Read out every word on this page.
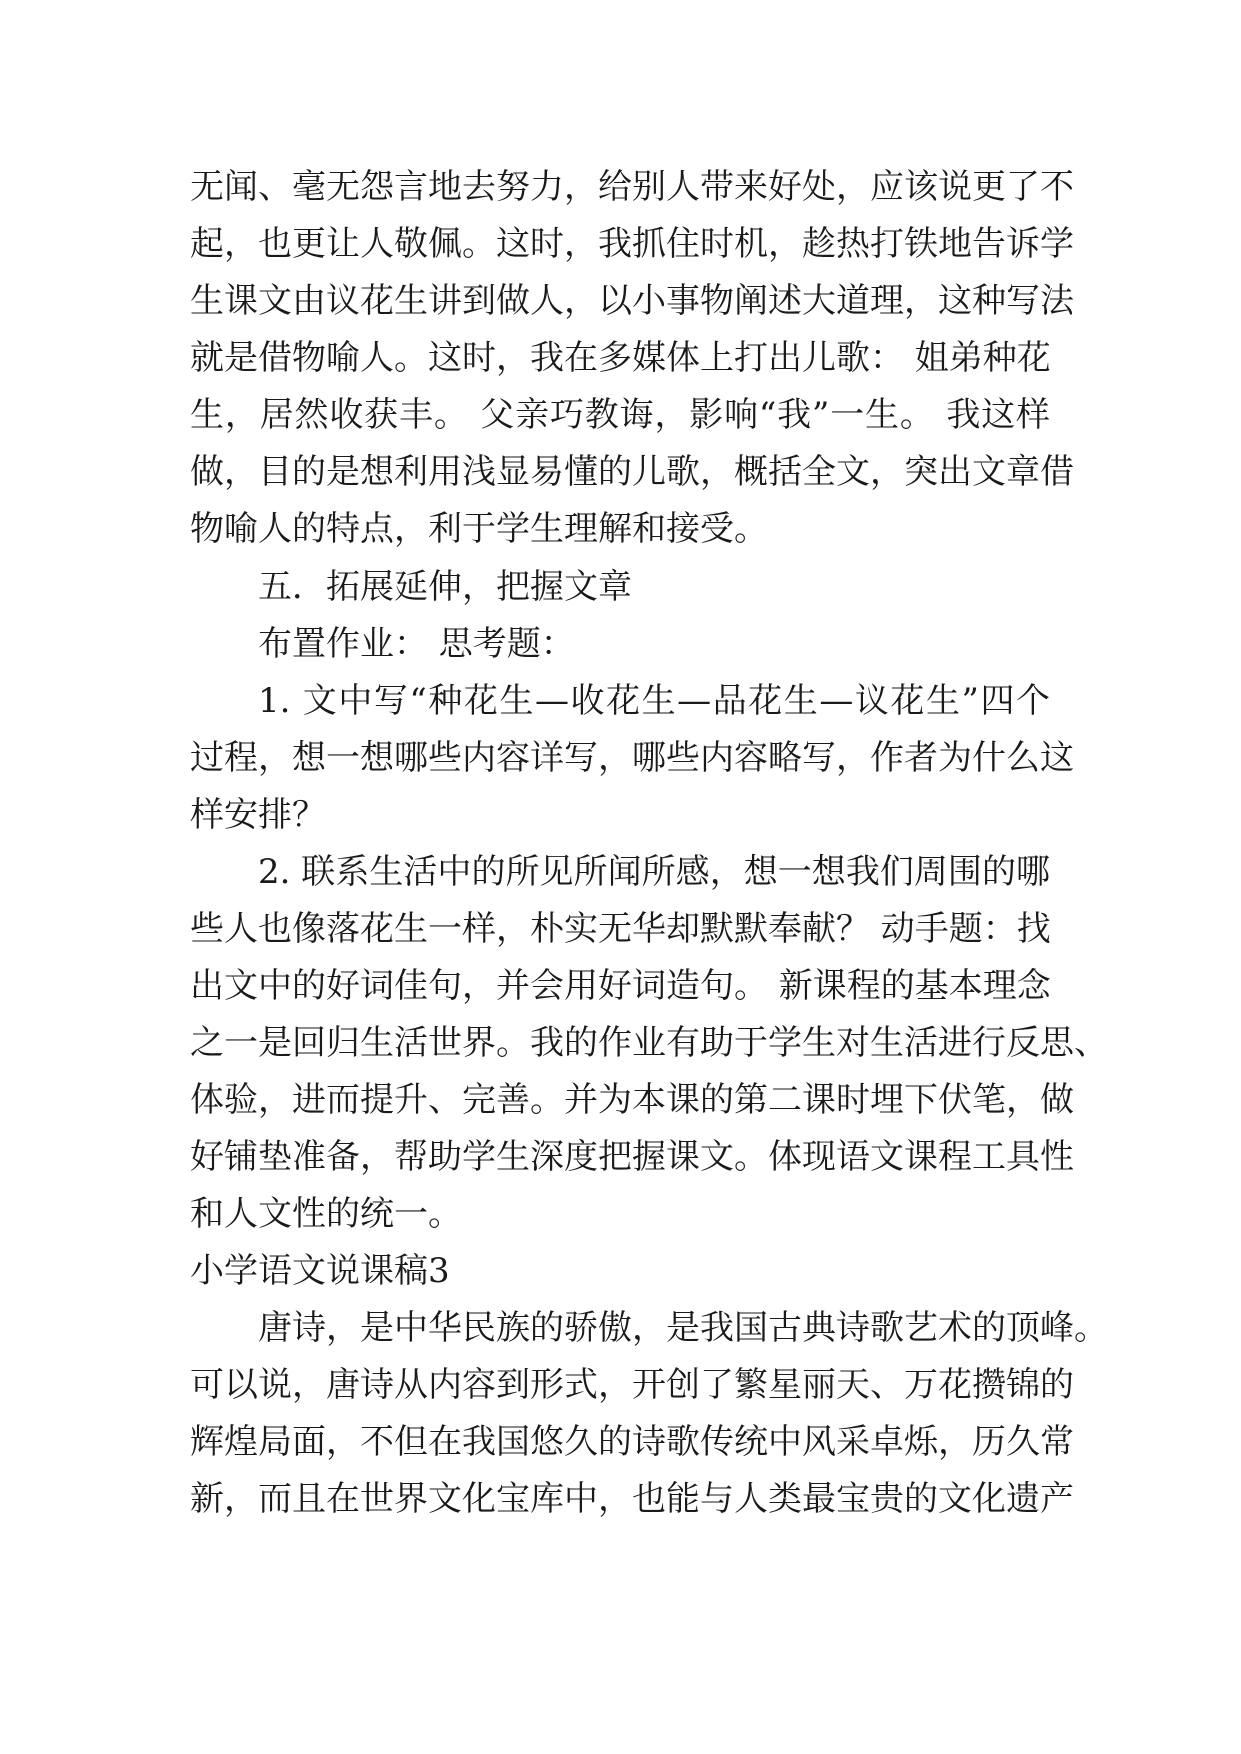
无闻、毫无怨言地去努力，给别人带来好处，应该说更了不
起，也更让人敬佩。这时，我抓住时机，趁热打铁地告诉学
生课文由议花生讲到做人，以小事物阐述大道理，这种写法
就是借物喻人。这时，我在多媒体上打出儿歌： 姐弟种花
生，居然收获丰。 父亲巧教诲，影响“我”一生。 我这样
做，目的是想利用浅显易懂的儿歌，概括全文，突出文章借
物喻人的特点，利于学生理解和接受。
五．拓展延伸，把握文章
布置作业： 思考题：
1. 文中写“种花生—收花生—品花生—议花生”四个
过程，想一想哪些内容详写，哪些内容略写，作者为什么这
样安排？
2. 联系生活中的所见所闻所感，想一想我们周围的哪
些人也像落花生一样，朴实无华却默默奉献？ 动手题：找
出文中的好词佳句，并会用好词造句。 新课程的基本理念
之一是回归生活世界。我的作业有助于学生对生活进行反思、
体验，进而提升、完善。并为本课的第二课时埋下伏笔，做
好铺垫准备，帮助学生深度把握课文。体现语文课程工具性
和人文性的统一。
小学语文说课稿3
唐诗，是中华民族的骄傲，是我国古典诗歌艺术的顶峰。
可以说，唐诗从内容到形式，开创了繁星丽天、万花攒锦的
辉煌局面，不但在我国悠久的诗歌传统中风采卓烁，历久常
新，而且在世界文化宝库中，也能与人类最宝贵的文化遗产
